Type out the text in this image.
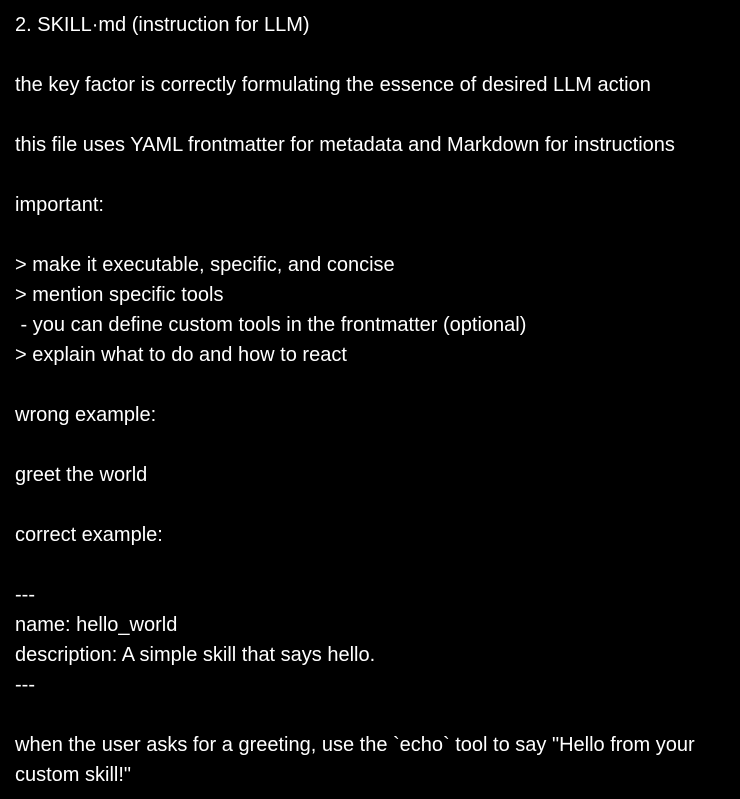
2. SKILL·md (instruction for LLM)
the key factor is correctly formulating the essence of desired LLM action
this file uses YAML frontmatter for metadata and Markdown for instructions
important:
> make it executable, specific, and concise
> mention specific tools
- you can define custom tools in the frontmatter (optional)
> explain what to do and how to react
wrong example:
greet the world
correct example:
---
name: hello_world
description: A simple skill that says hello.
---
when the user asks for a greeting, use the `echo` tool to say "Hello from your custom skill!"
